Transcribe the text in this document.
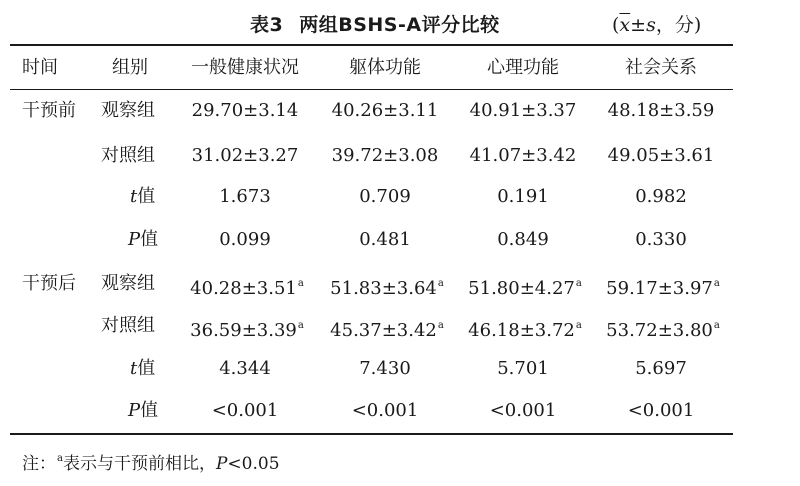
表3 两组BSHS-A评分比较	($\overline{x}\pm s$，分)
时间	组别 一般健康状况	躯体功能	心理功能	社会关系
干预前 观察组 29.70±3.14 40.26±3.11 40.91±3.37 48.18±3.59
对照组 31.02±3.27 39.72±3.08 41.07±3.42 49.05±3.61
t值	1.673	0.709	0.191	0.982
P值	0.099	0.481	0.849	0.330
干预后 观察组 40.28±3.51$^a$ 51.83±3.64$^a$ 51.80±4.27$^a$ 59.17±3.97$^a$
对照组 36.59±3.39$^a$ 45.37±3.42$^a$ 46.18±3.72$^a$ 53.72±3.80$^a$
t值	4.344	7.430	5.701	5.697
P值	<0.001	<0.001	<0.001	<0.001
注：$^a$表示与干预前相比，P<0.05
